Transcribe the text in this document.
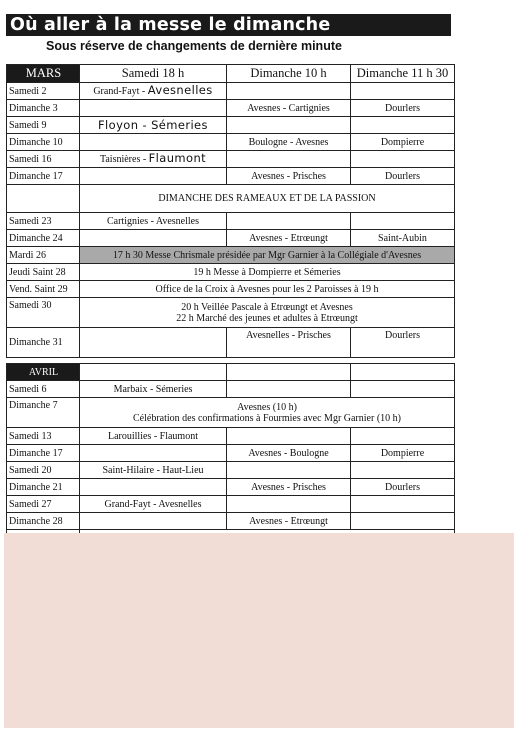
Où aller à la messe le dimanche
Sous réserve de changements de dernière minute
MARS	Samedi 18 h	Dimanche 10 h	Dimanche 11 h 30
Samedi 2	Grand-Fayt - Avesnelles		
Dimanche 3		Avesnes - Cartignies	Dourlers
Samedi 9	Floyon - Sémeries		
Dimanche 10		Boulogne - Avesnes	Dompierre
Samedi 16	Taisnières - Flaumont		
Dimanche 17		Avesnes - Prisches	Dourlers
	DIMANCHE DES RAMEAUX ET DE LA PASSION		
Samedi 23	Cartignies - Avesnelles		
Dimanche 24		Avesnes - Etrœungt	Saint-Aubin
Mardi 26	17 h 30 Messe Chrismale présidée par Mgr Garnier à la Collégiale d'Avesnes		
Jeudi Saint 28	19 h Messe à Dompierre et Sémeries		
Vend. Saint 29	Office de la Croix à Avesnes pour les 2 Paroisses à 19 h		
Samedi 30	20 h Veillée Pascale à Etrœungt et Avesnes
22 h Marché des jeunes et adultes à Etrœungt		

Dimanche 31		Avesnelles - Prisches	Dourlers

AVRIL			
Samedi 6	Marbaix - Sémeries		
Dimanche 7	Avesnes (10 h)
Célébration des confirmations à Fourmies avec Mgr Garnier (10 h)		

Samedi 13	Larouillies - Flaumont		
Dimanche 17		Avesnes - Boulogne	Dompierre
Samedi 20	Saint-Hilaire - Haut-Lieu		
Dimanche 21		Avesnes - Prisches	Dourlers
Samedi 27	Grand-Fayt - Avesnelles		
Dimanche 28		Avesnes - Etrœungt	
